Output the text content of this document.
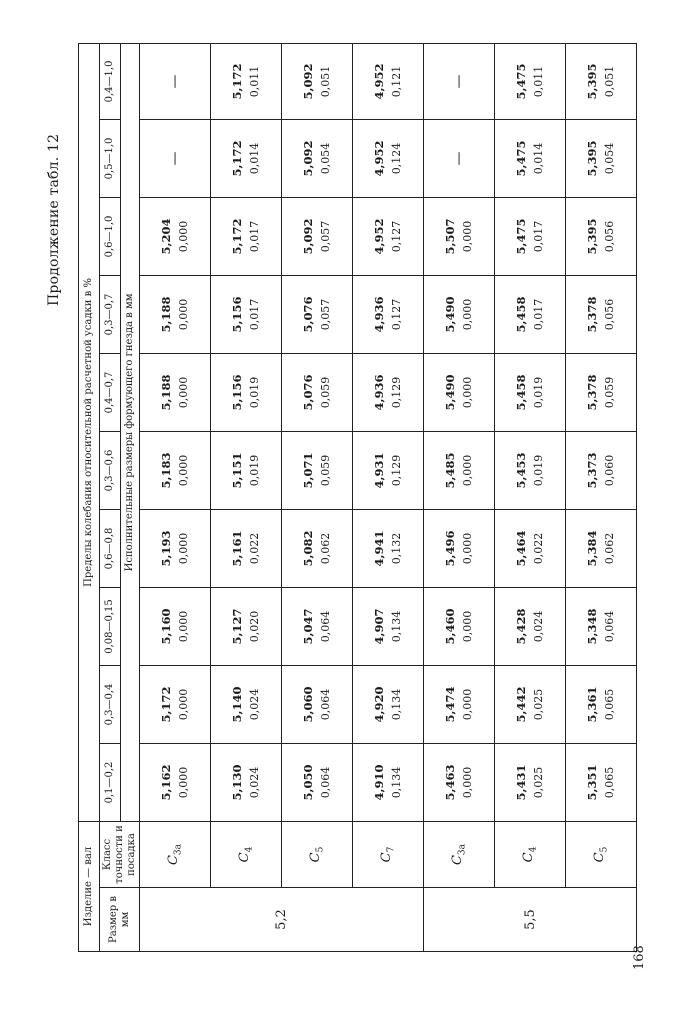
Продолжение табл. 12
Изделие — вал		Пределы колебания относительной расчетной усадки в %									
Размер в мм	Класс точности и посадка										
		0,1—0,2	0,3—0,4	0,08—0,15	0,6—0,8	0,3—0,6	0,4—0,7	0,3—0,7	0,6—1,0	0,5—1,0	0,4—1,0
		Исполнительные размеры формующего гнезда в мм									
5,2	$C_{3а}$	5,162 0,000	5,172 0,000	5,160 0,000	5,193 0,000	5,183 0,000	5,188 0,000	5,188 0,000	5,204 0,000	—	—

	$C_4$	5,130 0,024	5,140 0,024	5,127 0,020	5,161 0,022	5,151 0,019	5,156 0,019	5,156 0,017	5,172 0,017	5,172 0,014	5,172 0,011

	$C_5$	5,050 0,064	5,060 0,064	5,047 0,064	5,082 0,062	5,071 0,059	5,076 0,059	5,076 0,057	5,092 0,057	5,092 0,054	5,092 0,051

	$C_7$	4,910 0,134	4,920 0,134	4,907 0,134	4,941 0,132	4,931 0,129	4,936 0,129	4,936 0,127	4,952 0,127	4,952 0,124	4,952 0,121

5,5	$C_{3а}$	5,463 0,000	5,474 0,000	5,460 0,000	5,496 0,000	5,485 0,000	5,490 0,000	5,490 0,000	5,507 0,000	—	—

	$C_4$	5,431 0,025	5,442 0,025	5,428 0,024	5,464 0,022	5,453 0,019	5,458 0,019	5,458 0,017	5,475 0,017	5,475 0,014	5,475 0,011

	$C_5$	5,351 0,065	5,361 0,065	5,348 0,064	5,384 0,062	5,373 0,060	5,378 0,059	5,378 0,056	5,395 0,056	5,395 0,054	5,395 0,051
168
